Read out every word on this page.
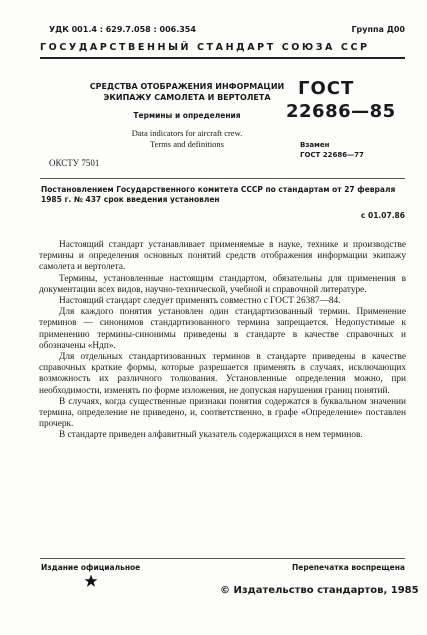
УДК 001.4 : 629.7.058 : 006.354	Группа Д00
ГОСУДАРСТВЕННЫЙ СТАНДАРТ СОЮЗА ССР
СРЕДСТВА ОТОБРАЖЕНИЯ ИНФОРМАЦИИ
ЭКИПАЖУ САМОЛЕТА И ВЕРТОЛЕТА
Термины и определения
Data indicators for aircraft crew.
Terms and definitions
ГОСТ
22686—85
Взамен
ГОСТ 22686—77
ОКСТУ 7501
Постановлением Государственного комитета СССР по стандартам от 27 февраля 1985 г. № 437 срок введения установлен
с 01.07.86

Настоящий стандарт устанавливает применяемые в науке, технике и производстве термины и определения основных понятий средств отображения информации экипажу самолета и вертолета.

Термины, установленные настоящим стандартом, обязательны для применения в документации всех видов, научно-технической, учебной и справочной литературе.

Настоящий стандарт следует применять совместно с ГОСТ 26387—84.

Для каждого понятия установлен один стандартизованный термин. Применение терминов — синонимов стандартизованного термина запрещается. Недопустимые к применению термины-синонимы приведены в стандарте в качестве справочных и обозначены «Ндп».

Для отдельных стандартизованных терминов в стандарте приведены в качестве справочных краткие формы, которые разрешается применять в случаях, исключающих возможность их различного толкования. Установленные определения можно, при необходимости, изменять по форме изложения, не допуская нарушения границ понятий.

В случаях, когда существенные признаки понятия содержатся в буквальном значении термина, определение не приведено, и, соответственно, в графе «Определение» поставлен прочерк.

В стандарте приведен алфавитный указатель содержащихся в нем терминов.

Издание официальное	Перепечатка воспрещена
© Издательство стандартов, 1985
